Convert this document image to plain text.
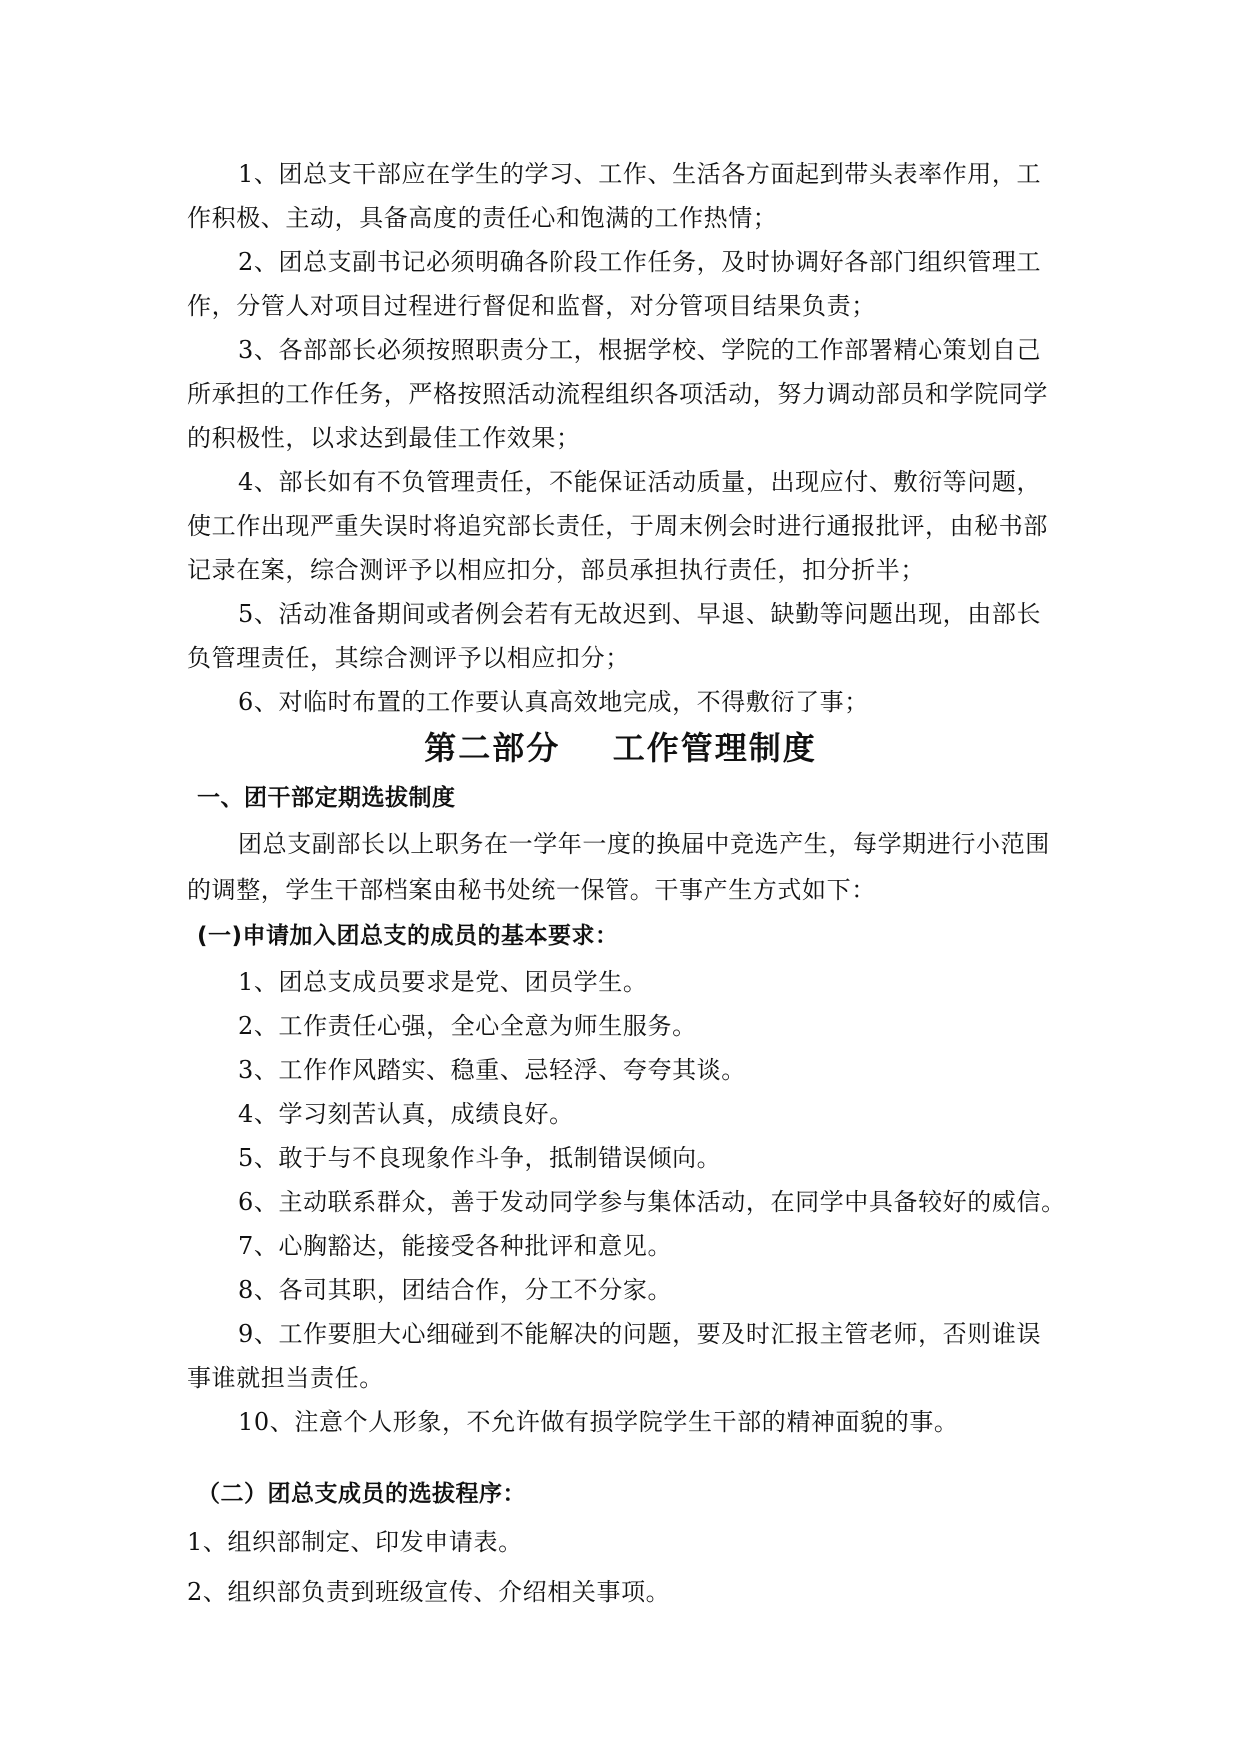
1、团总支干部应在学生的学习、工作、生活各方面起到带头表率作用，工
作积极、主动，具备高度的责任心和饱满的工作热情；
2、团总支副书记必须明确各阶段工作任务，及时协调好各部门组织管理工
作，分管人对项目过程进行督促和监督，对分管项目结果负责；
3、各部部长必须按照职责分工，根据学校、学院的工作部署精心策划自己
所承担的工作任务，严格按照活动流程组织各项活动，努力调动部员和学院同学
的积极性，以求达到最佳工作效果；
4、部长如有不负管理责任，不能保证活动质量，出现应付、敷衍等问题，
使工作出现严重失误时将追究部长责任，于周末例会时进行通报批评，由秘书部
记录在案，综合测评予以相应扣分，部员承担执行责任，扣分折半；
5、活动准备期间或者例会若有无故迟到、早退、缺勤等问题出现，由部长
负管理责任，其综合测评予以相应扣分；
6、对临时布置的工作要认真高效地完成，不得敷衍了事；
第二部分    工作管理制度
一、团干部定期选拔制度
团总支副部长以上职务在一学年一度的换届中竞选产生，每学期进行小范围
的调整，学生干部档案由秘书处统一保管。干事产生方式如下：
(一)申请加入团总支的成员的基本要求：
1、团总支成员要求是党、团员学生。
2、工作责任心强，全心全意为师生服务。
3、工作作风踏实、稳重、忌轻浮、夸夸其谈。
4、学习刻苦认真，成绩良好。
5、敢于与不良现象作斗争，抵制错误倾向。
6、主动联系群众，善于发动同学参与集体活动，在同学中具备较好的威信。
7、心胸豁达，能接受各种批评和意见。
8、各司其职，团结合作，分工不分家。
9、工作要胆大心细碰到不能解决的问题，要及时汇报主管老师，否则谁误
事谁就担当责任。
10、注意个人形象，不允许做有损学院学生干部的精神面貌的事。
（二）团总支成员的选拔程序：
1、组织部制定、印发申请表。
2、组织部负责到班级宣传、介绍相关事项。
